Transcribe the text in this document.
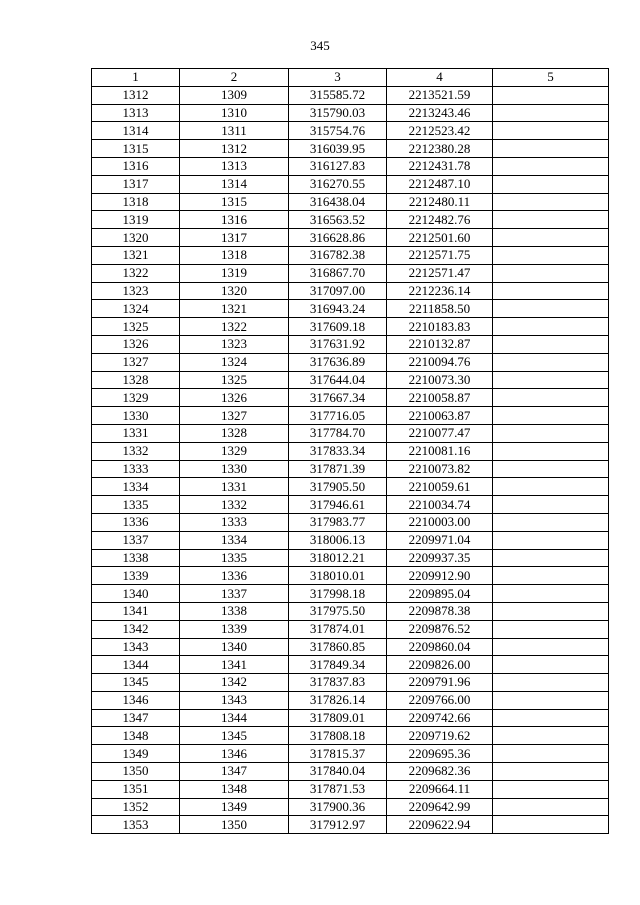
345
1	2	3	4	5
1312	1309	315585.72	2213521.59	
1313	1310	315790.03	2213243.46	
1314	1311	315754.76	2212523.42	
1315	1312	316039.95	2212380.28	
1316	1313	316127.83	2212431.78	
1317	1314	316270.55	2212487.10	
1318	1315	316438.04	2212480.11	
1319	1316	316563.52	2212482.76	
1320	1317	316628.86	2212501.60	
1321	1318	316782.38	2212571.75	
1322	1319	316867.70	2212571.47	
1323	1320	317097.00	2212236.14	
1324	1321	316943.24	2211858.50	
1325	1322	317609.18	2210183.83	
1326	1323	317631.92	2210132.87	
1327	1324	317636.89	2210094.76	
1328	1325	317644.04	2210073.30	
1329	1326	317667.34	2210058.87	
1330	1327	317716.05	2210063.87	
1331	1328	317784.70	2210077.47	
1332	1329	317833.34	2210081.16	
1333	1330	317871.39	2210073.82	
1334	1331	317905.50	2210059.61	
1335	1332	317946.61	2210034.74	
1336	1333	317983.77	2210003.00	
1337	1334	318006.13	2209971.04	
1338	1335	318012.21	2209937.35	
1339	1336	318010.01	2209912.90	
1340	1337	317998.18	2209895.04	
1341	1338	317975.50	2209878.38	
1342	1339	317874.01	2209876.52	
1343	1340	317860.85	2209860.04	
1344	1341	317849.34	2209826.00	
1345	1342	317837.83	2209791.96	
1346	1343	317826.14	2209766.00	
1347	1344	317809.01	2209742.66	
1348	1345	317808.18	2209719.62	
1349	1346	317815.37	2209695.36	
1350	1347	317840.04	2209682.36	
1351	1348	317871.53	2209664.11	
1352	1349	317900.36	2209642.99	
1353	1350	317912.97	2209622.94	
